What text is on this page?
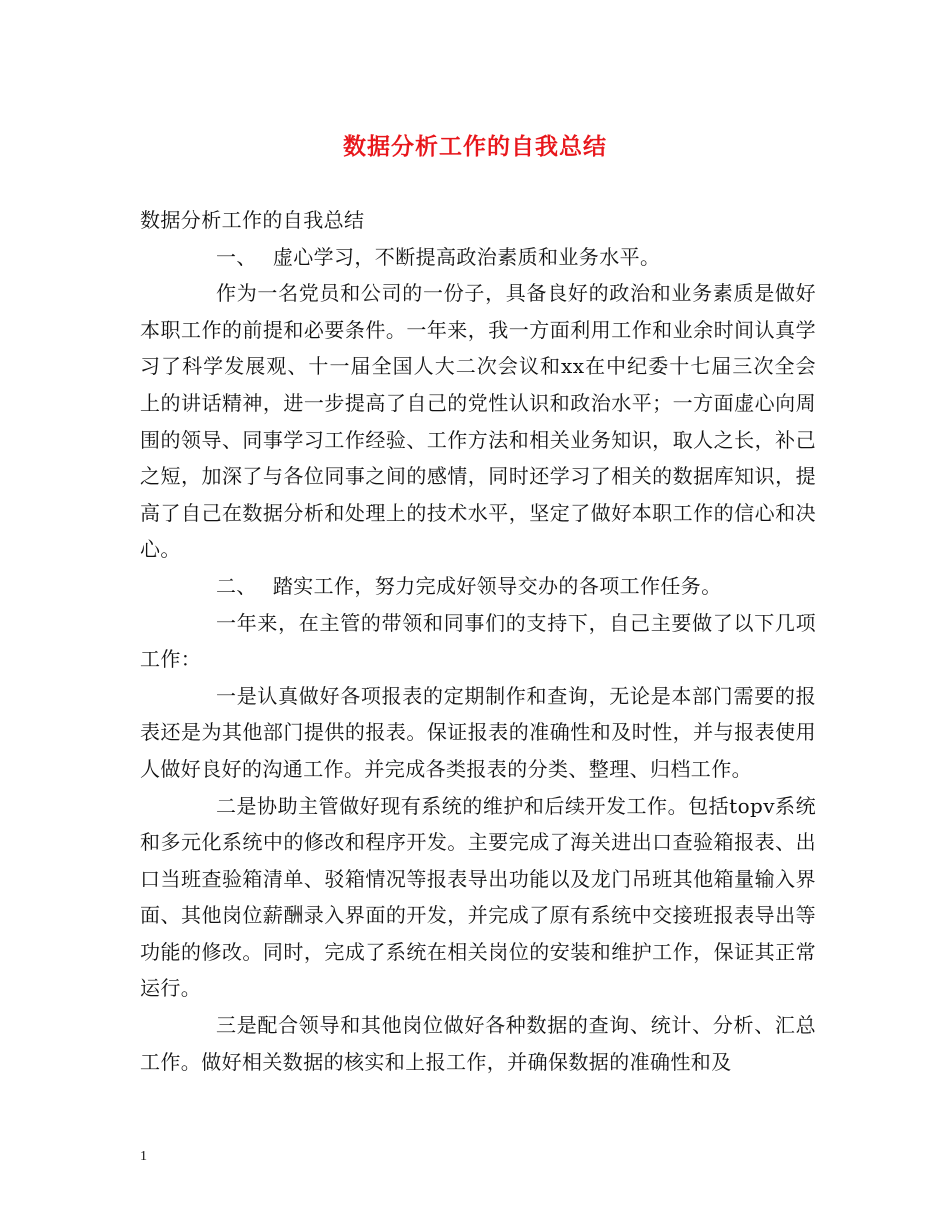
数据分析工作的自我总结

数据分析工作的自我总结

一、 虚心学习，不断提高政治素质和业务水平。

作为一名党员和公司的一份子，具备良好的政治和业务素质是做好本职工作的前提和必要条件。一年来，我一方面利用工作和业余时间认真学习了科学发展观、十一届全国人大二次会议和xx在中纪委十七届三次全会上的讲话精神，进一步提高了自己的党性认识和政治水平；一方面虚心向周围的领导、同事学习工作经验、工作方法和相关业务知识，取人之长，补己之短，加深了与各位同事之间的感情，同时还学习了相关的数据库知识，提高了自己在数据分析和处理上的技术水平，坚定了做好本职工作的信心和决心。

二、 踏实工作，努力完成好领导交办的各项工作任务。

一年来，在主管的带领和同事们的支持下，自己主要做了以下几项工作：

一是认真做好各项报表的定期制作和查询，无论是本部门需要的报表还是为其他部门提供的报表。保证报表的准确性和及时性，并与报表使用人做好良好的沟通工作。并完成各类报表的分类、整理、归档工作。

二是协助主管做好现有系统的维护和后续开发工作。包括topv系统和多元化系统中的修改和程序开发。主要完成了海关进出口查验箱报表、出口当班查验箱清单、驳箱情况等报表导出功能以及龙门吊班其他箱量输入界面、其他岗位薪酬录入界面的开发，并完成了原有系统中交接班报表导出等功能的修改。同时，完成了系统在相关岗位的安装和维护工作，保证其正常运行。

三是配合领导和其他岗位做好各种数据的查询、统计、分析、汇总工作。做好相关数据的核实和上报工作，并确保数据的准确性和及

1
